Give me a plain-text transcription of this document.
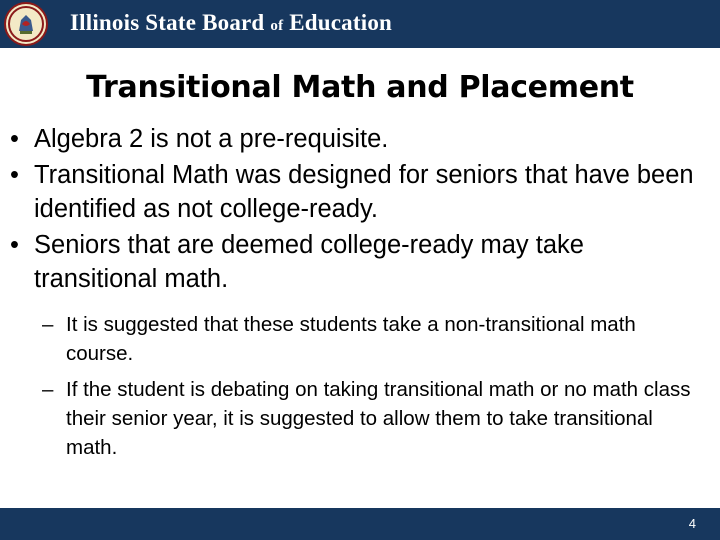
Illinois State Board of Education
Transitional Math and Placement
• Algebra 2 is not a pre-requisite.
• Transitional Math was designed for seniors that have been identified as not college-ready.
• Seniors that are deemed college-ready may take transitional math.
– It is suggested that these students take a non-transitional math course.
– If the student is debating on taking transitional math or no math class their senior year, it is suggested to allow them to take transitional math.
4
